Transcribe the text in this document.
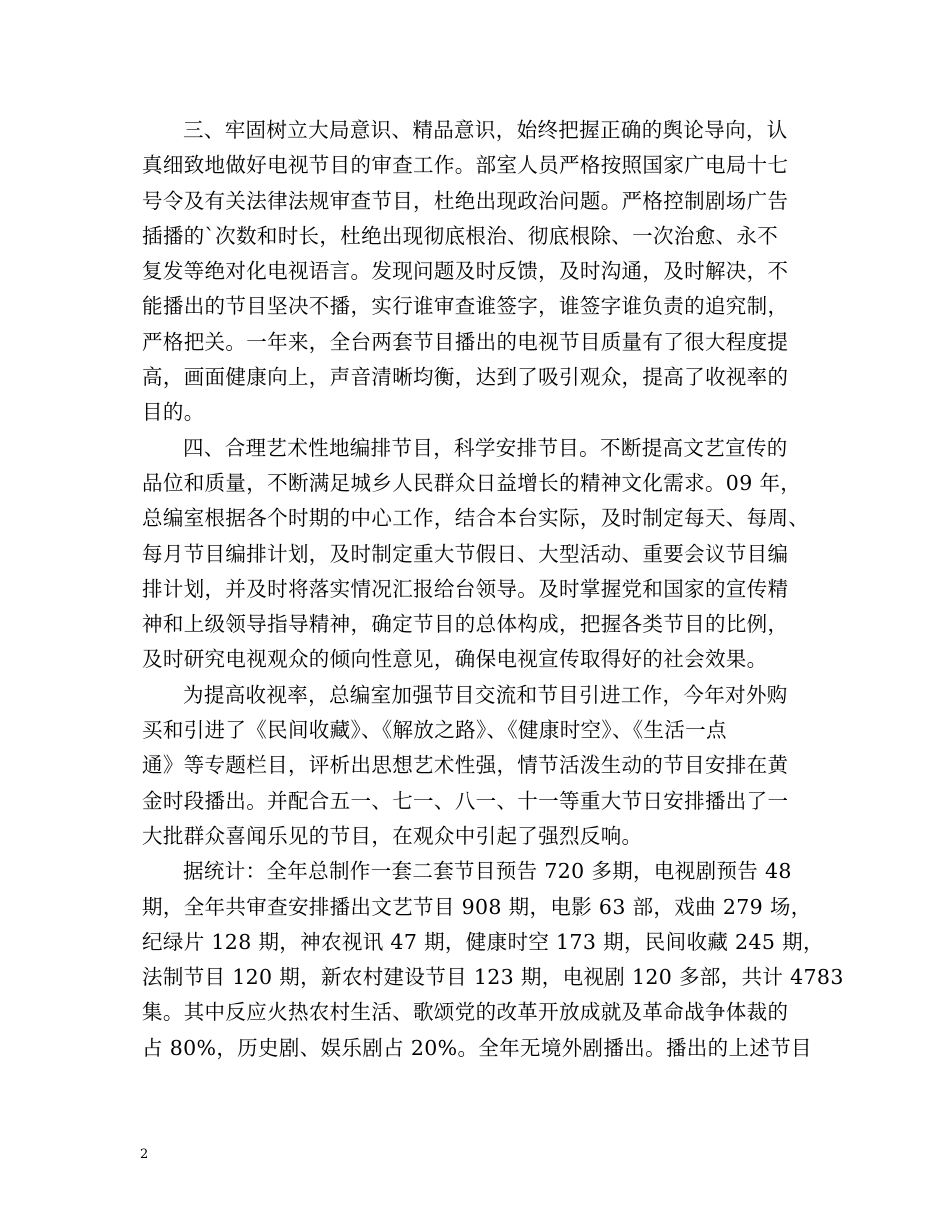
三、牢固树立大局意识、精品意识，始终把握正确的舆论导向，认
真细致地做好电视节目的审查工作。部室人员严格按照国家广电局十七
号令及有关法律法规审查节目，杜绝出现政治问题。严格控制剧场广告
插播的`次数和时长，杜绝出现彻底根治、彻底根除、一次治愈、永不
复发等绝对化电视语言。发现问题及时反馈，及时沟通，及时解决，不
能播出的节目坚决不播，实行谁审查谁签字，谁签字谁负责的追究制，
严格把关。一年来，全台两套节目播出的电视节目质量有了很大程度提
高，画面健康向上，声音清晰均衡，达到了吸引观众，提高了收视率的
目的。

四、合理艺术性地编排节目，科学安排节目。不断提高文艺宣传的
品位和质量，不断满足城乡人民群众日益增长的精神文化需求。09 年，
总编室根据各个时期的中心工作，结合本台实际，及时制定每天、每周、
每月节目编排计划，及时制定重大节假日、大型活动、重要会议节目编
排计划，并及时将落实情况汇报给台领导。及时掌握党和国家的宣传精
神和上级领导指导精神，确定节目的总体构成，把握各类节目的比例，
及时研究电视观众的倾向性意见，确保电视宣传取得好的社会效果。

为提高收视率，总编室加强节目交流和节目引进工作，今年对外购
买和引进了《民间收藏》、《解放之路》、《健康时空》、《生活一点
通》等专题栏目，评析出思想艺术性强，情节活泼生动的节目安排在黄
金时段播出。并配合五一、七一、八一、十一等重大节日安排播出了一
大批群众喜闻乐见的节目，在观众中引起了强烈反响。

据统计：全年总制作一套二套节目预告 720 多期，电视剧预告 48
期，全年共审查安排播出文艺节目 908 期，电影 63 部，戏曲 279 场，
纪绿片 128 期，神农视讯 47 期，健康时空 173 期，民间收藏 245 期，
法制节目 120 期，新农村建设节目 123 期，电视剧 120 多部，共计 4783
集。其中反应火热农村生活、歌颂党的改革开放成就及革命战争体裁的
占 80%，历史剧、娱乐剧占 20%。全年无境外剧播出。播出的上述节目

2
